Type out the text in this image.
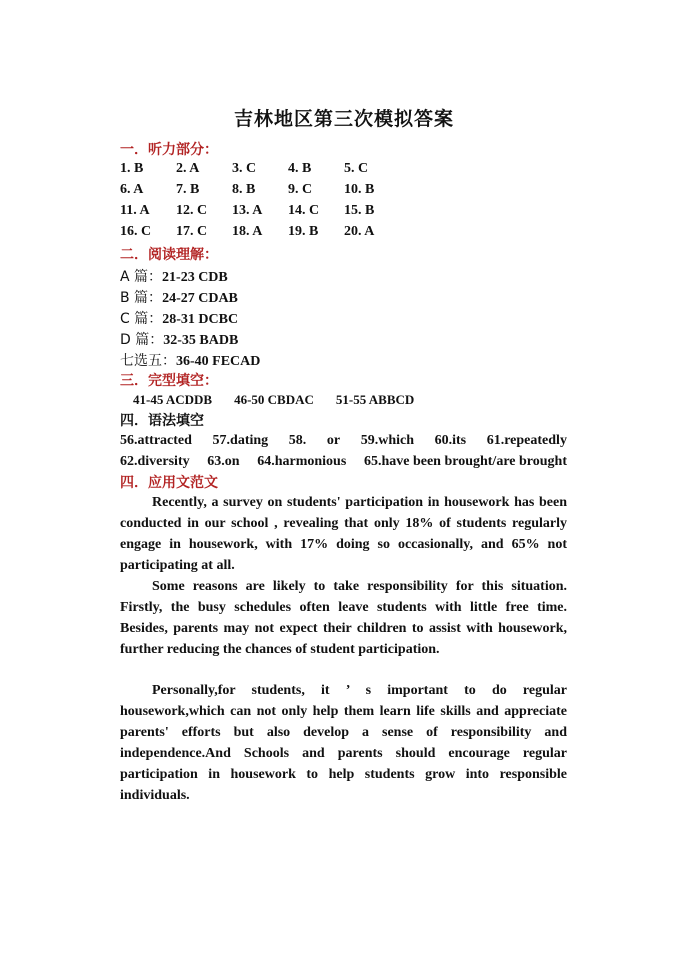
吉林地区第三次模拟答案
一．听力部分：
1. B 2. A 3. C 4. B 5. C
6. A 7. B 8. B 9. C 10. B
11. A 12. C 13. A 14. C 15. B
16. C 17. C 18. A 19. B 20. A
二．阅读理解：
A 篇：21-23 CDB
B 篇：24-27 CDAB
C 篇：28-31 DCBC
D 篇：32-35 BADB
七选五：36-40 FECAD
三．完型填空：
41-45 ACDDB 46-50 CBDAC 51-55 ABBCD
四．语法填空
56.attracted 57.dating 58. or 59.which 60.its 61.repeatedly
62.diversity 63.on 64.harmonious 65.have been brought/are brought
四．应用文范文
Recently, a survey on students' participation in housework has been conducted in our school , revealing that only 18% of students regularly engage in housework, with 17% doing so occasionally, and 65% not participating at all.
Some reasons are likely to take responsibility for this situation. Firstly, the busy schedules often leave students with little free time. Besides, parents may not expect their children to assist with housework, further reducing the chances of student participation.
Personally,for students, it ’ s important to do regular housework,which can not only help them learn life skills and appreciate parents' efforts but also develop a sense of responsibility and independence.And Schools and parents should encourage regular participation in housework to help students grow into responsible individuals.
